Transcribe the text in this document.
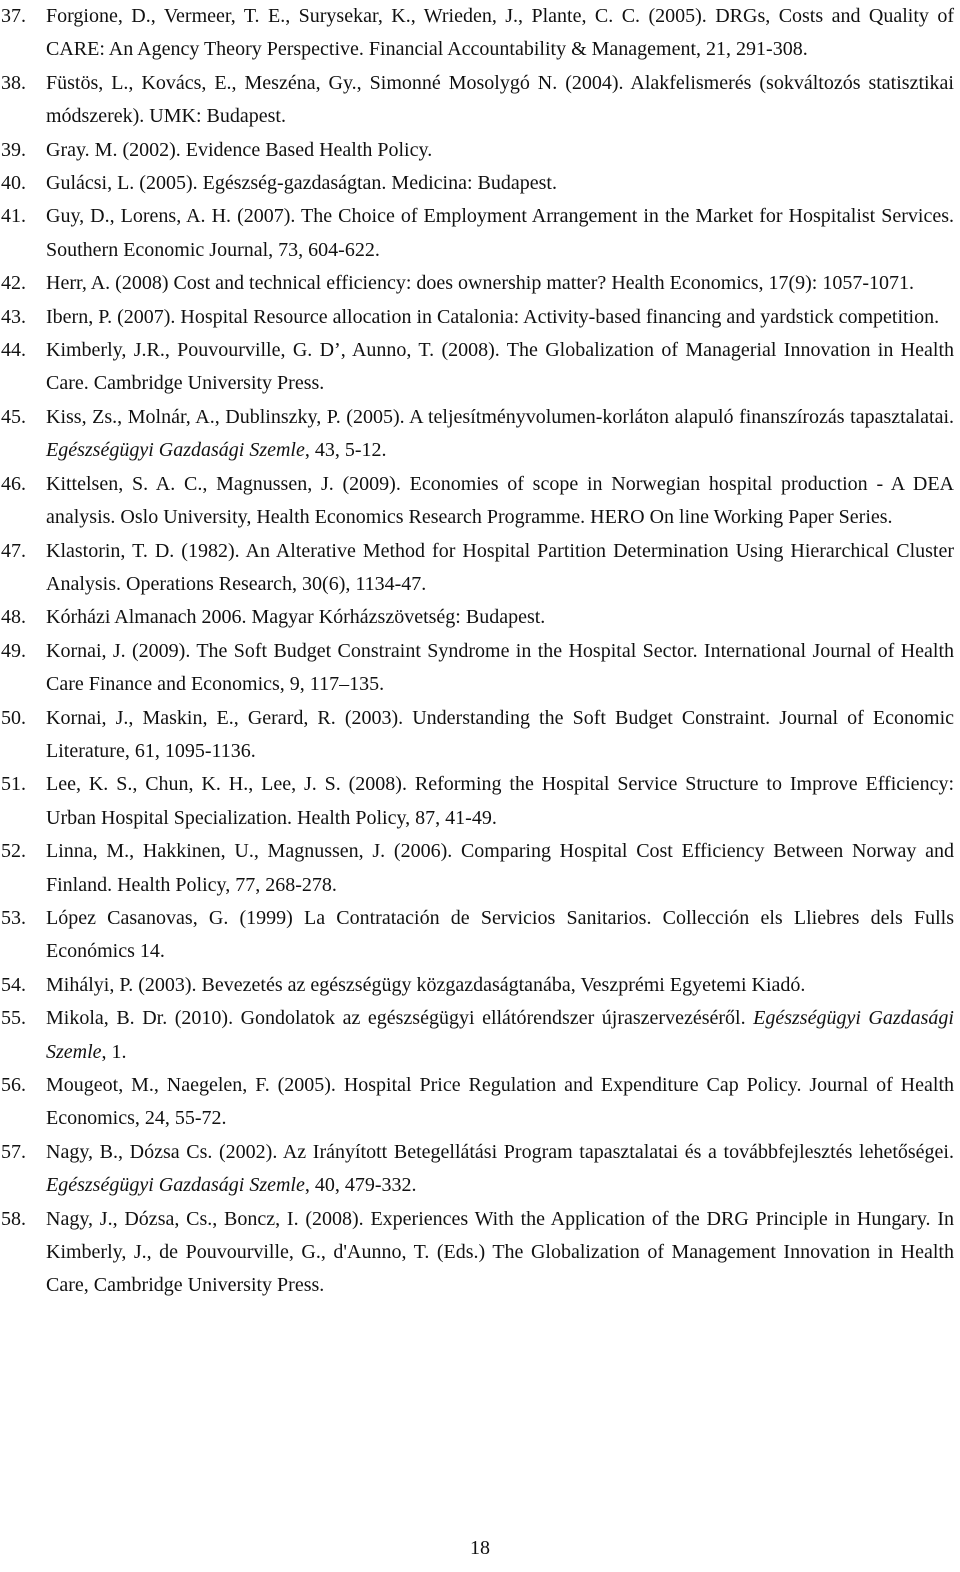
37.	Forgione, D., Vermeer, T. E., Surysekar, K., Wrieden, J., Plante, C. C. (2005). DRGs, Costs and Quality of CARE: An Agency Theory Perspective. Financial Accountability & Management, 21, 291-308.
38.	Füstös, L., Kovács, E., Meszéna, Gy., Simonné Mosolygó N. (2004). Alakfelismerés (sokváltozós statisztikai módszerek). UMK: Budapest.
39.	Gray. M. (2002). Evidence Based Health Policy.
40.	Gulácsi, L. (2005). Egészség-gazdaságtan. Medicina: Budapest.
41.	Guy, D., Lorens, A. H. (2007). The Choice of Employment Arrangement in the Market for Hospitalist Services. Southern Economic Journal, 73, 604-622.
42.	Herr, A. (2008) Cost and technical efficiency: does ownership matter? Health Economics, 17(9): 1057-1071.
43.	Ibern, P. (2007). Hospital Resource allocation in Catalonia: Activity-based financing and yardstick competition.
44.	Kimberly, J.R., Pouvourville, G. D’, Aunno, T. (2008). The Globalization of Managerial Innovation in Health Care. Cambridge University Press.
45.	Kiss, Zs., Molnár, A., Dublinszky, P. (2005). A teljesítményvolumen-korláton alapuló finanszírozás tapasztalatai. Egészségügyi Gazdasági Szemle, 43, 5-12.
46.	Kittelsen, S. A. C., Magnussen, J. (2009). Economies of scope in Norwegian hospital production - A DEA analysis. Oslo University, Health Economics Research Programme. HERO On line Working Paper Series.
47.	Klastorin, T. D. (1982). An Alterative Method for Hospital Partition Determination Using Hierarchical Cluster Analysis. Operations Research, 30(6), 1134-47.
48.	Kórházi Almanach 2006. Magyar Kórházszövetség: Budapest.
49.	Kornai, J. (2009). The Soft Budget Constraint Syndrome in the Hospital Sector. International Journal of Health Care Finance and Economics, 9, 117–135.
50.	Kornai, J., Maskin, E., Gerard, R. (2003). Understanding the Soft Budget Constraint. Journal of Economic Literature, 61, 1095-1136.
51.	Lee, K. S., Chun, K. H., Lee, J. S. (2008). Reforming the Hospital Service Structure to Improve Efficiency: Urban Hospital Specialization. Health Policy, 87, 41-49.
52.	Linna, M., Hakkinen, U., Magnussen, J. (2006). Comparing Hospital Cost Efficiency Between Norway and Finland. Health Policy, 77, 268-278.
53.	López Casanovas, G. (1999) La Contratación de Servicios Sanitarios. Collección els Lliebres dels Fulls Económics 14.
54.	Mihályi, P. (2003). Bevezetés az egészségügy közgazdaságtanába, Veszprémi Egyetemi Kiadó.
55.	Mikola, B. Dr. (2010). Gondolatok az egészségügyi ellátórendszer újraszervezéséről. Egészségügyi Gazdasági Szemle, 1.
56.	Mougeot, M., Naegelen, F. (2005). Hospital Price Regulation and Expenditure Cap Policy. Journal of Health Economics, 24, 55-72.
57.	Nagy, B., Dózsa Cs. (2002). Az Irányított Betegellátási Program tapasztalatai és a továbbfejlesztés lehetőségei. Egészségügyi Gazdasági Szemle, 40, 479-332.
58.	Nagy, J., Dózsa, Cs., Boncz, I. (2008). Experiences With the Application of the DRG Principle in Hungary. In Kimberly, J., de Pouvourville, G., d'Aunno, T. (Eds.) The Globalization of Management Innovation in Health Care, Cambridge University Press.
18
